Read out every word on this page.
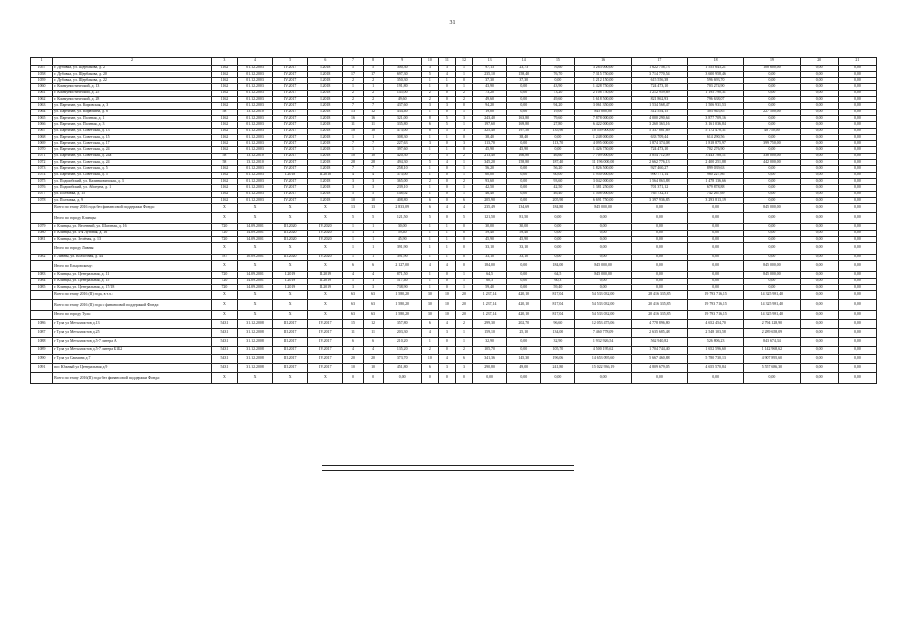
31
1	2	3	4	5	6	7	8	9	10	11	12	13	14	15	16	17	18	19	20	21
1057	г. Дубовка, ул. Щербакова, д. 2	1162	01.12.2003	IV.2017	I.2018	5	5	300,30	3	3	1	97,13	23,73	76,60	3 263 000,00	1 622 756,73	1 555 643,21	108 600,00	0,00	0,00
1058	г. Дубовка, ул. Щербакова, д. 20	1162	01.12.2003	IV.2017	I.2018	17	17	697,30	5	4	1	235,10	158,40	76,70	7 315 750,00	3 714 770,54	3 600 958,46	0,00	0,00	0,00
1059	г. Дубовка, ул. Щербакова, д. 22	1162	01.12.2003	IV.2017	I.2018	2	2	350,30	1	1	0	37,30	37,30	0,00	1 212 150,00	615 556,38	596 693,70	0,00	0,00	0,00
1060	г. Коммунистический, д. 13	1162	01.12.2003	IV.2017	I.2018	1	1	191,80	1	0	1	43,90	0,00	43,90	1 428 750,00	724 473,10	703 274,90	0,00	0,00	0,00
1061	г. Коммунистический, д. 25	1162	01.12.2003	IV.2017	I.2018	2	2	145,00	2	0	2	73,20	0,00	73,20	2 108 750,00	1 212 959,69	1 195 790,31	0,00	0,00	0,00
1062	г. Коммунистический, д. 28	1162	01.12.2003	IV.2017	I.2018	2	2	49,60	2	0	2	49,60	0,00	49,60	1 618 500,00	821 862,93	796 638,07	0,00	0,00	0,00
1063	ул. Партизан, ул. Кировская, д. 3	1162	01.12.2003	IV.2017	I.2018	7	7	437,60	3	3	0	94,20	0,00	94,20	3 061 350,00	1 534 568,47	1 506 931,53	0,00	0,00	0,00
1064	ул. Партизан, ул. Кирюхина, д. 6	58	13.12.2010	IV.2017	I.2018	13	12	434,40	1	0	1	19,00	0,00	19,00	845 000,00	312 554,15	303 945,85	227 500,00	0,00	0,00
1065	ул. Партизан, ул. Полевая, д. 1	1162	01.12.2003	IV.2017	I.2018	16	16	321,00	8	5	3	243,40	163,80	79,60	7 878 000,00	4 000 290,64	3 877 709,16	0,00	0,00	0,00
1066	ул. Партизан, ул. Полевая, д. 3	1162	01.12.2003	IV.2017	I.2018	11	11	335,80	6	5	1	197,60	169,80	27,80	6 422 000,00	3 260 363,16	3 161 036,84	0,00	0,00	0,00
1067	ул. Партизан, ул. Советская, д. 13	1162	01.12.2003	IV.2017	I.2018	18	18	473,00	8	5	3	325,40	197,50	135,90	10 559 000,00	5 337 881,69	5 172 478,31	48 750,00	0,00	0,00
1068	ул. Партизан, ул. Советская, д. 15	1162	01.12.2003	IV.2017	I.2018	1	1	308,30	1	1	0	38,40	38,40	0,00	1 248 000,00	633 709,44	614 290,56	0,00	0,00	0,00
1069	ул. Партизан, ул. Советская, д. 17	1162	01.12.2003	IV.2017	I.2018	7	7	227,63	3	0	3	113,70	0,00	113,70	4 095 000,00	1 874 374,08	1 818 875,97	399 750,00	0,00	0,00
1070	ул. Партизан, ул. Советская, д. 24	1162	01.12.2003	IV.2017	I.2018	1	1	397,60	1	1	0	45,90	45,90	0,00	1 426 750,00	724 473,10	702 276,90	0,00	0,00	0,00
1071	ул. Партизан, ул. Советская, д. 24а	58	13.12.2010	IV.2017	I.2018	10	10	420,30	7	5	2	213,40	166,80	46,60	7 709 000,00	3 854 712,09	3 443 788,11	338 000,00	0,00	0,00
1072	ул. Партизан, ул. Советская, д. 24	58	13.12.2010	IV.2017	I.2018	28	28	494,30	5	4	1	345,20	158,80	187,40	11 196 000,00	2 662 776,13	2 400 251,88	442 000,00	0,00	0,00
1073	ул. Партизан, ул. Советская, д. 5	1162	01.12.2003	IV.2017	I.2018	7	7	258,10	1	0	1	56,20	0,00	56,20	1 826 500,00	927 460,27	899 039,63	0,00	0,00	0,00
1074	ул. Партизан, ул. Советская, д. 5	1162	01.12.2003	I.2018	II.2018	4	4	373,00	1	0	1	60,00	0,00	60,00	1 950 000,00	990 771,14	960 227,86	0,00	0,00	0,00
1075	ул. Подшибский, ул. Калинковичская, д. 3	1162	01.12.2003	IV.2017	I.2018	3	3	365,00	2	0	2	93,60	0,00	93,60	3 042 000,00	1 564 863,88	1 478 136,66	0,00	0,00	0,00
1076	ул. Подшибский, ул. Абонуна, д. 1	1162	01.12.2003	IV.2017	I.2018	3	3	239,10	1	0	1	42,50	0,00	42,50	1 381 250,00	701 371,12	679 878,88	0,00	0,00	0,00
1077	ул. Полтавка, д. 15	1162	01.12.2003	IV.2017	I.2018	5	5	148,02	1	0	1	46,40	0,00	46,40	1 508 000,00	765 732,31	742 267,69	0,00	0,00	0,00
1078	ул. Полтавка, д. 9	1162	01.12.2003	IV.2017	I.2018	10	10	408,80	6	0	6	205,90	0,00	205,90	6 691 750,00	3 397 936,85	3 293 813,19	0,00	0,00	0,00
	Всего по этапу 2016 года без финансовой поддержки Фонда:	X	X	X	X	13	13	2 833,09	6	4	4	235,49	134,69	184,80	845 000,00	0,00	0,00	845 000,00	0,00	0,00
	Итого по городу Клинцы:	X	X	X	X	5	5	121,50	5	0	5	121,50	81,50	0,00	0,00	0,00	0,00	0,00	0,00	0,00
1079	г. Клинцы, ул. Весенний, ул. Шахтная, д. 16	720	14.09.2001	III.2020	IV.2020	1	1	30,00	1	1	0	30,00	30,00	0,00	0,00	0,00	0,00	0,00	0,00	0,00
1080	г. Клинцы, ул. 4-я Луговая, д. 16	720	14.09.2001	III.2020	IV.2020	1	1	59,40	1	1	0	59,40	59,40	0,00	0,00	0,00	0,00	0,00	0,00	0,00
1081	г. Клинцы, ул. Зелёная, д. 13	720	14.09.2001	III.2020	IV.2020	1	1	45,90	1	1	0	45,90	45,90	0,00	0,00	0,00	0,00	0,00	0,00	0,00
	Итого по городу Ливны:	X	X	X	X	1	1	391,90	1	1	0	33,10	33,10	0,00	0,00	0,00	0,00	0,00	0,00	0,00
1082	г. Ливны, ул. Колхозная, д. 44	787	10.09.2001	III.2020	IV.2020	1	1	391,90	1	1	0	33,10	33,10	0,00	0,00	0,00	0,00	0,00	0,00	0,00
	Итого по Ельцовскому:	X	X	X	X	6	6	2 127,00	4	4	0	184,00	0,00	184,00	845 000,00	0,00	0,00	845 000,00	0,00	0,00
1083	г. Клинцы, ул. Центральная, д. 11	720	14.09.2001	I.2019	II.2019	4	4	871,50	1	0	1	64,5	0,00	64,5	845 000,00	0,00	0,00	845 000,00	0,00	0,00
1084	г. Клинцы, ул. Центральная, д. 15	720	14.09.2001	I.2019	II.2019	1	1	517,40	1	0	1	60,3	0,00	60,3	0,00	0,00	0,00	0,00	0,00	0,00
1085	г. Клинцы, ул. Центральная, д. 17/18	720	14.09.2001	I.2019	II.2019	3	3	738,90	1	0	1	59,40	0,00	59,40	0,00	0,00	0,00	0,00	0,00	0,00
	Всего по этапу 2016 (II) года, в т.ч.:	X	X	X	X	63	63	1 580,20	30	10	20	1 237,14	420,10	817,04	54 533 032,00	28 416 335,85	19 793 716,15	14 325 981,40	0,00	0,00
	Всего по этапу 2016 (II) года с финансовой поддержкой Фонда:	X	X	X	X	63	63	1 580,20	30	10	20	1 237,14	420,10	817,04	54 533 032,00	20 416 335,85	19 793 716,15	14 325 981,40	0,00	0,00
	Итого по городу Тула:	X	X	X	X	63	63	1 580,20	30	10	20	1 237,14	420,10	817,04	54 533 032,00	20 416 335,85	19 793 716,15	14 325 981,40	0,00	0,00
1086	г Тула ул Металлистов д.13	5431	31.12.2008	III.2017	IV.2017	15	12	357,80	6	4	2	299,30	202,70	96,60	12 053 475,06	4 778 896,80	4 652 454,70	2 794 128,90	0,00	0,00
1087	г Тула ул Металлистов д.25	5431	31.12.2008	III.2017	IV.2017	11	11	203,30	4	3	1	159,10	25,10	134,00	7 460 778,09	2 635 685,48	2 548 103,58	2 289 658,09	0,00	0,00
1088	г Тула ул Металлистов д.5-7 литера А	5431	31.12.2008	III.2017	IV.2017	6	6	210,20	1	0	1	32,90	0,00	32,90	1 932 926,54	562 940,82	526 806,23	843 674,34	0,00	0,00
1089	г Тула ул Металлистов д.5-7 литера Б1Б2	5431	31.12.2008	III.2017	IV.2017	4	4	135,20	2	0	2	105,70	0,00	105,70	4 500 195,62	1 704 744,40	1 652 596,60	1 142 968,62	0,00	0,00
1090	г Тула ул Сакмина д.7	5431	31.12.2008	III.2017	IV.2017	20	20	373,70	10	4	6	341,36	145,30	196,06	14 653 095,60	5 667 460,88	5 780 730,13	4 907 895,60	0,00	0,00
1091	пос Южный ул Центральная д.9	5431	31.12.2008	III.2017	IV.2017	10	10	451,80	6	3	3	290,80	49,00	241,80	15 022 936,19	4 809 679,05	4 655 570,84	5 557 686,30	0,00	0,00
	Всего по этапу 2016(II) года без финансовой поддержки Фонда:	X	X	X	X	0	0	0,00	0	0	0	0,00	0,00	0,00	0,00	0,00	0,00	0,00	0,00	0,00
